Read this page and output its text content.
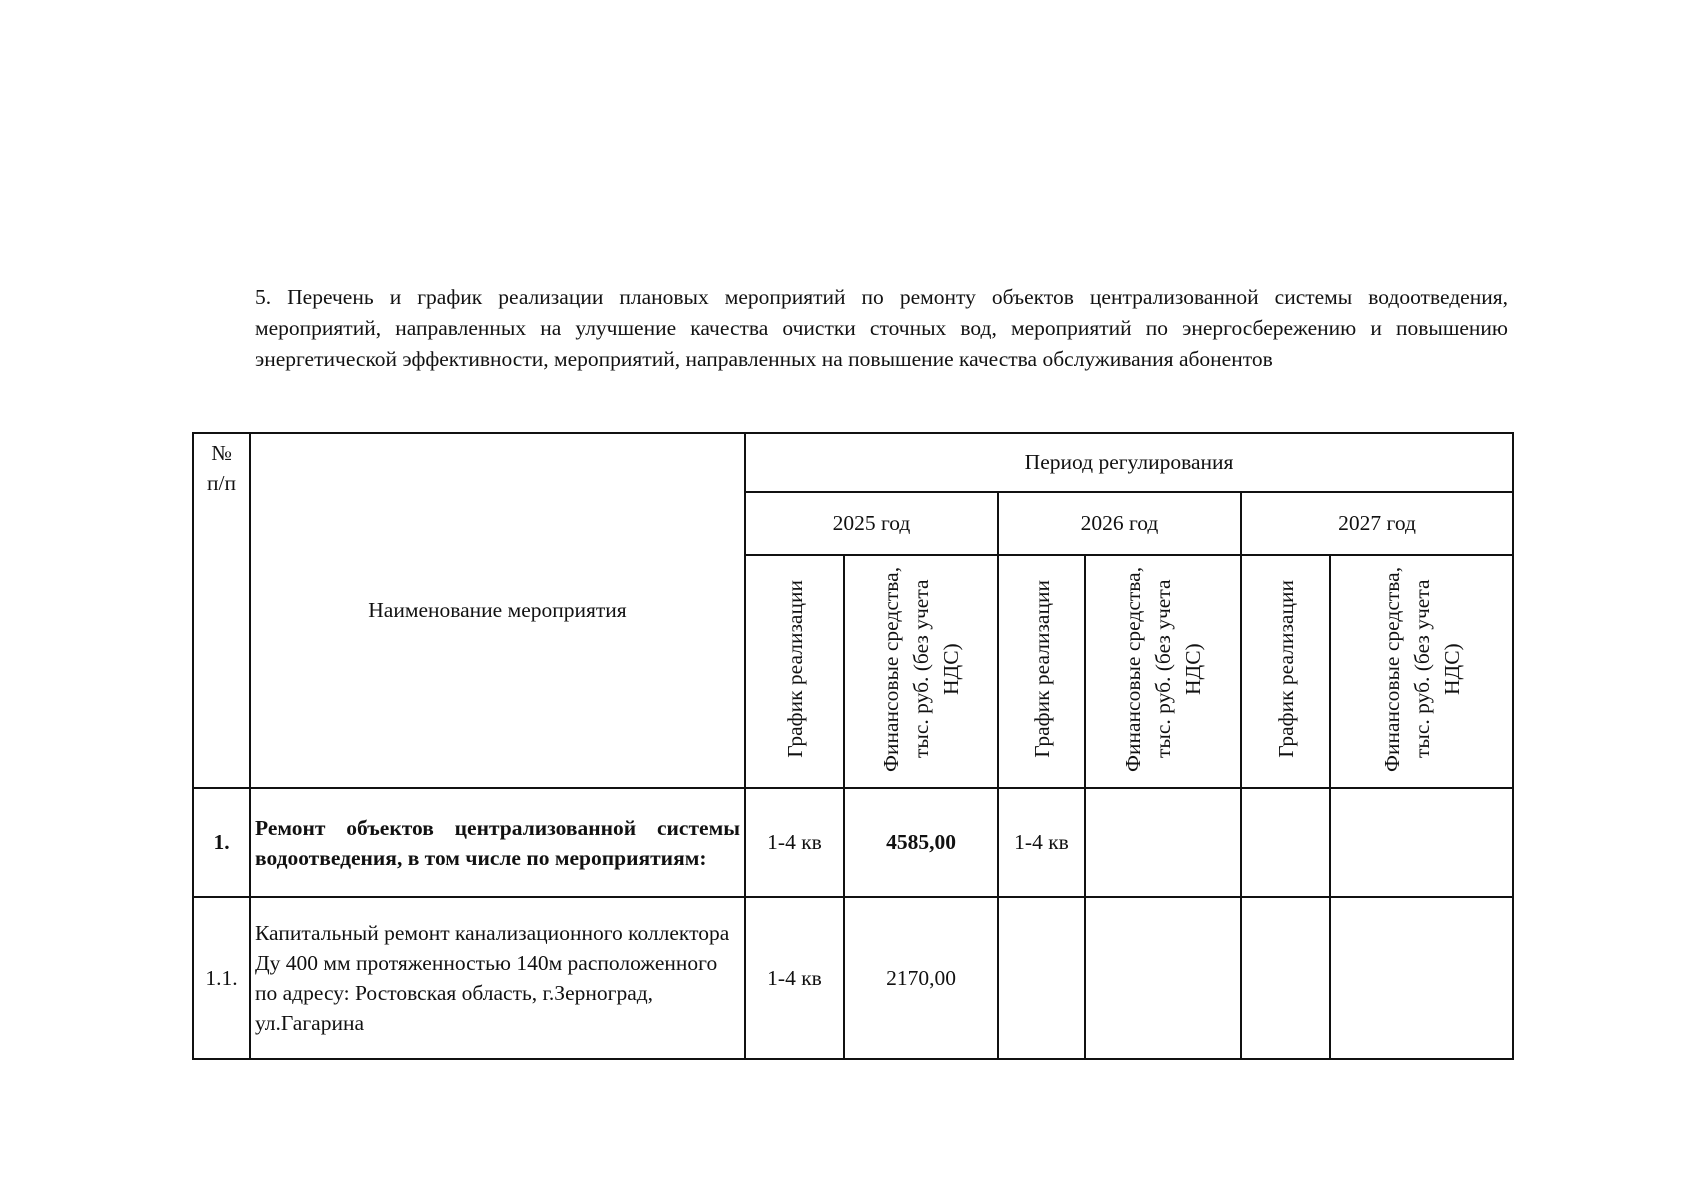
5. Перечень и график реализации плановых мероприятий по ремонту объектов централизованной системы водоотведения, мероприятий, направленных на улучшение качества очистки сточных вод, мероприятий по энергосбережению и повышению энергетической эффективности, мероприятий, направленных на повышение качества обслуживания абонентов

№ п/п	Наименование мероприятия	Период регулирования					
		2025 год		2026 год		2027 год	
		График реализации	Финансовые средства, тыс. руб. (без учета НДС)	График реализации	Финансовые средства, тыс. руб. (без учета НДС)	График реализации	Финансовые средства, тыс. руб. (без учета НДС)
1.	Ремонт объектов централизованной системы водоотведения, в том числе по мероприятиям:	1-4 кв	4585,00	1-4 кв			
1.1.	Капитальный ремонт канализационного коллектора Ду 400 мм протяженностью 140м расположенного по адресу: Ростовская область, г.Зерноград, ул.Гагарина	1-4 кв	2170,00				
